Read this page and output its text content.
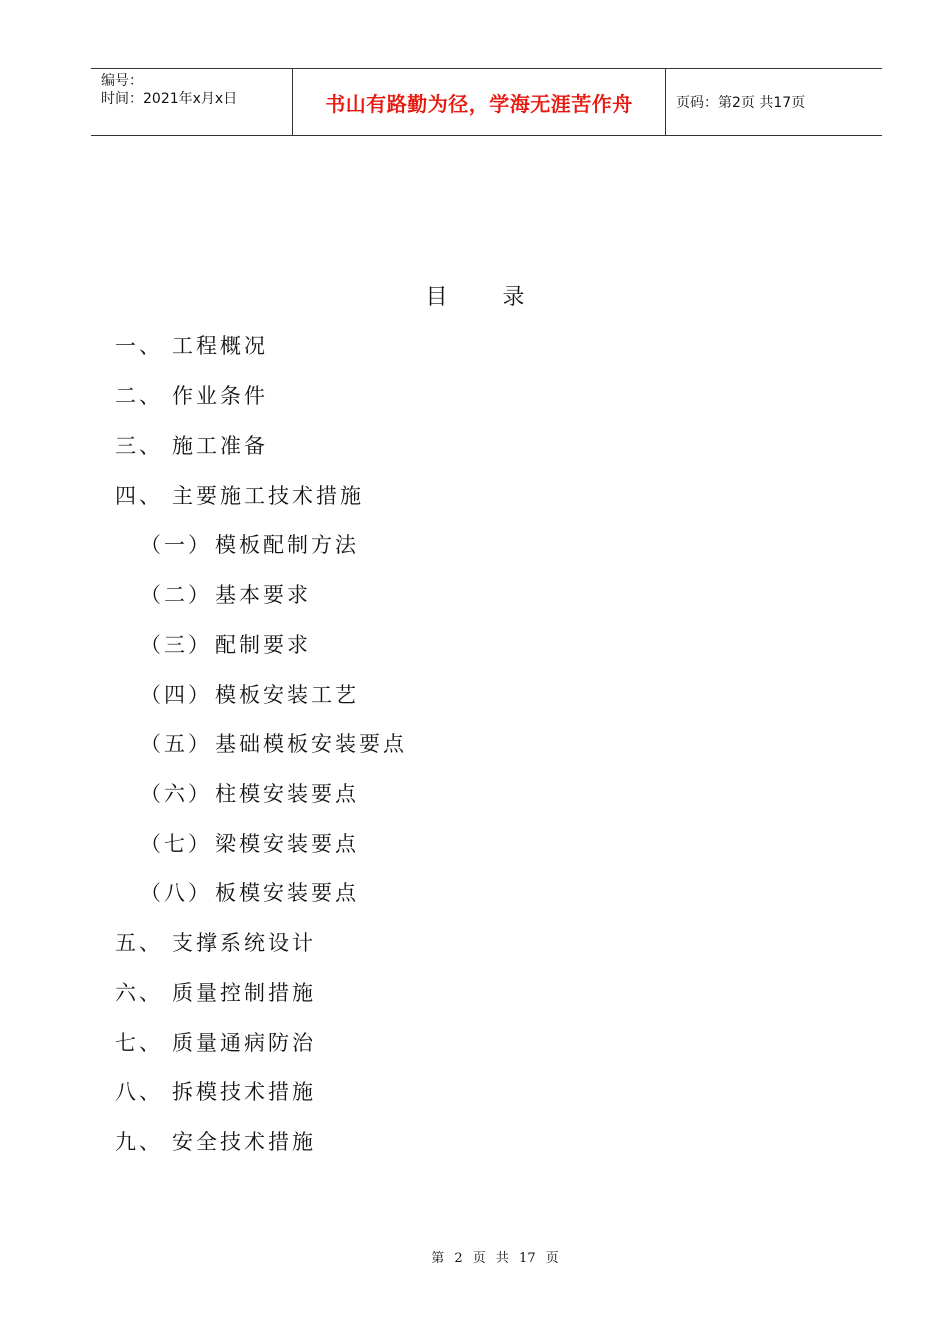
编号：
时间：2021年x月x日	书山有路勤为径，学海无涯苦作舟	页码：第2页 共17页
目 录
一、 工程概况
二、 作业条件
三、 施工准备
四、 主要施工技术措施
（一） 模板配制方法
（二） 基本要求
（三） 配制要求
（四） 模板安装工艺
（五） 基础模板安装要点
（六） 柱模安装要点
（七） 梁模安装要点
（八） 板模安装要点
五、 支撑系统设计
六、 质量控制措施
七、 质量通病防治
八、 拆模技术措施
九、 安全技术措施
第 2 页 共 17 页
